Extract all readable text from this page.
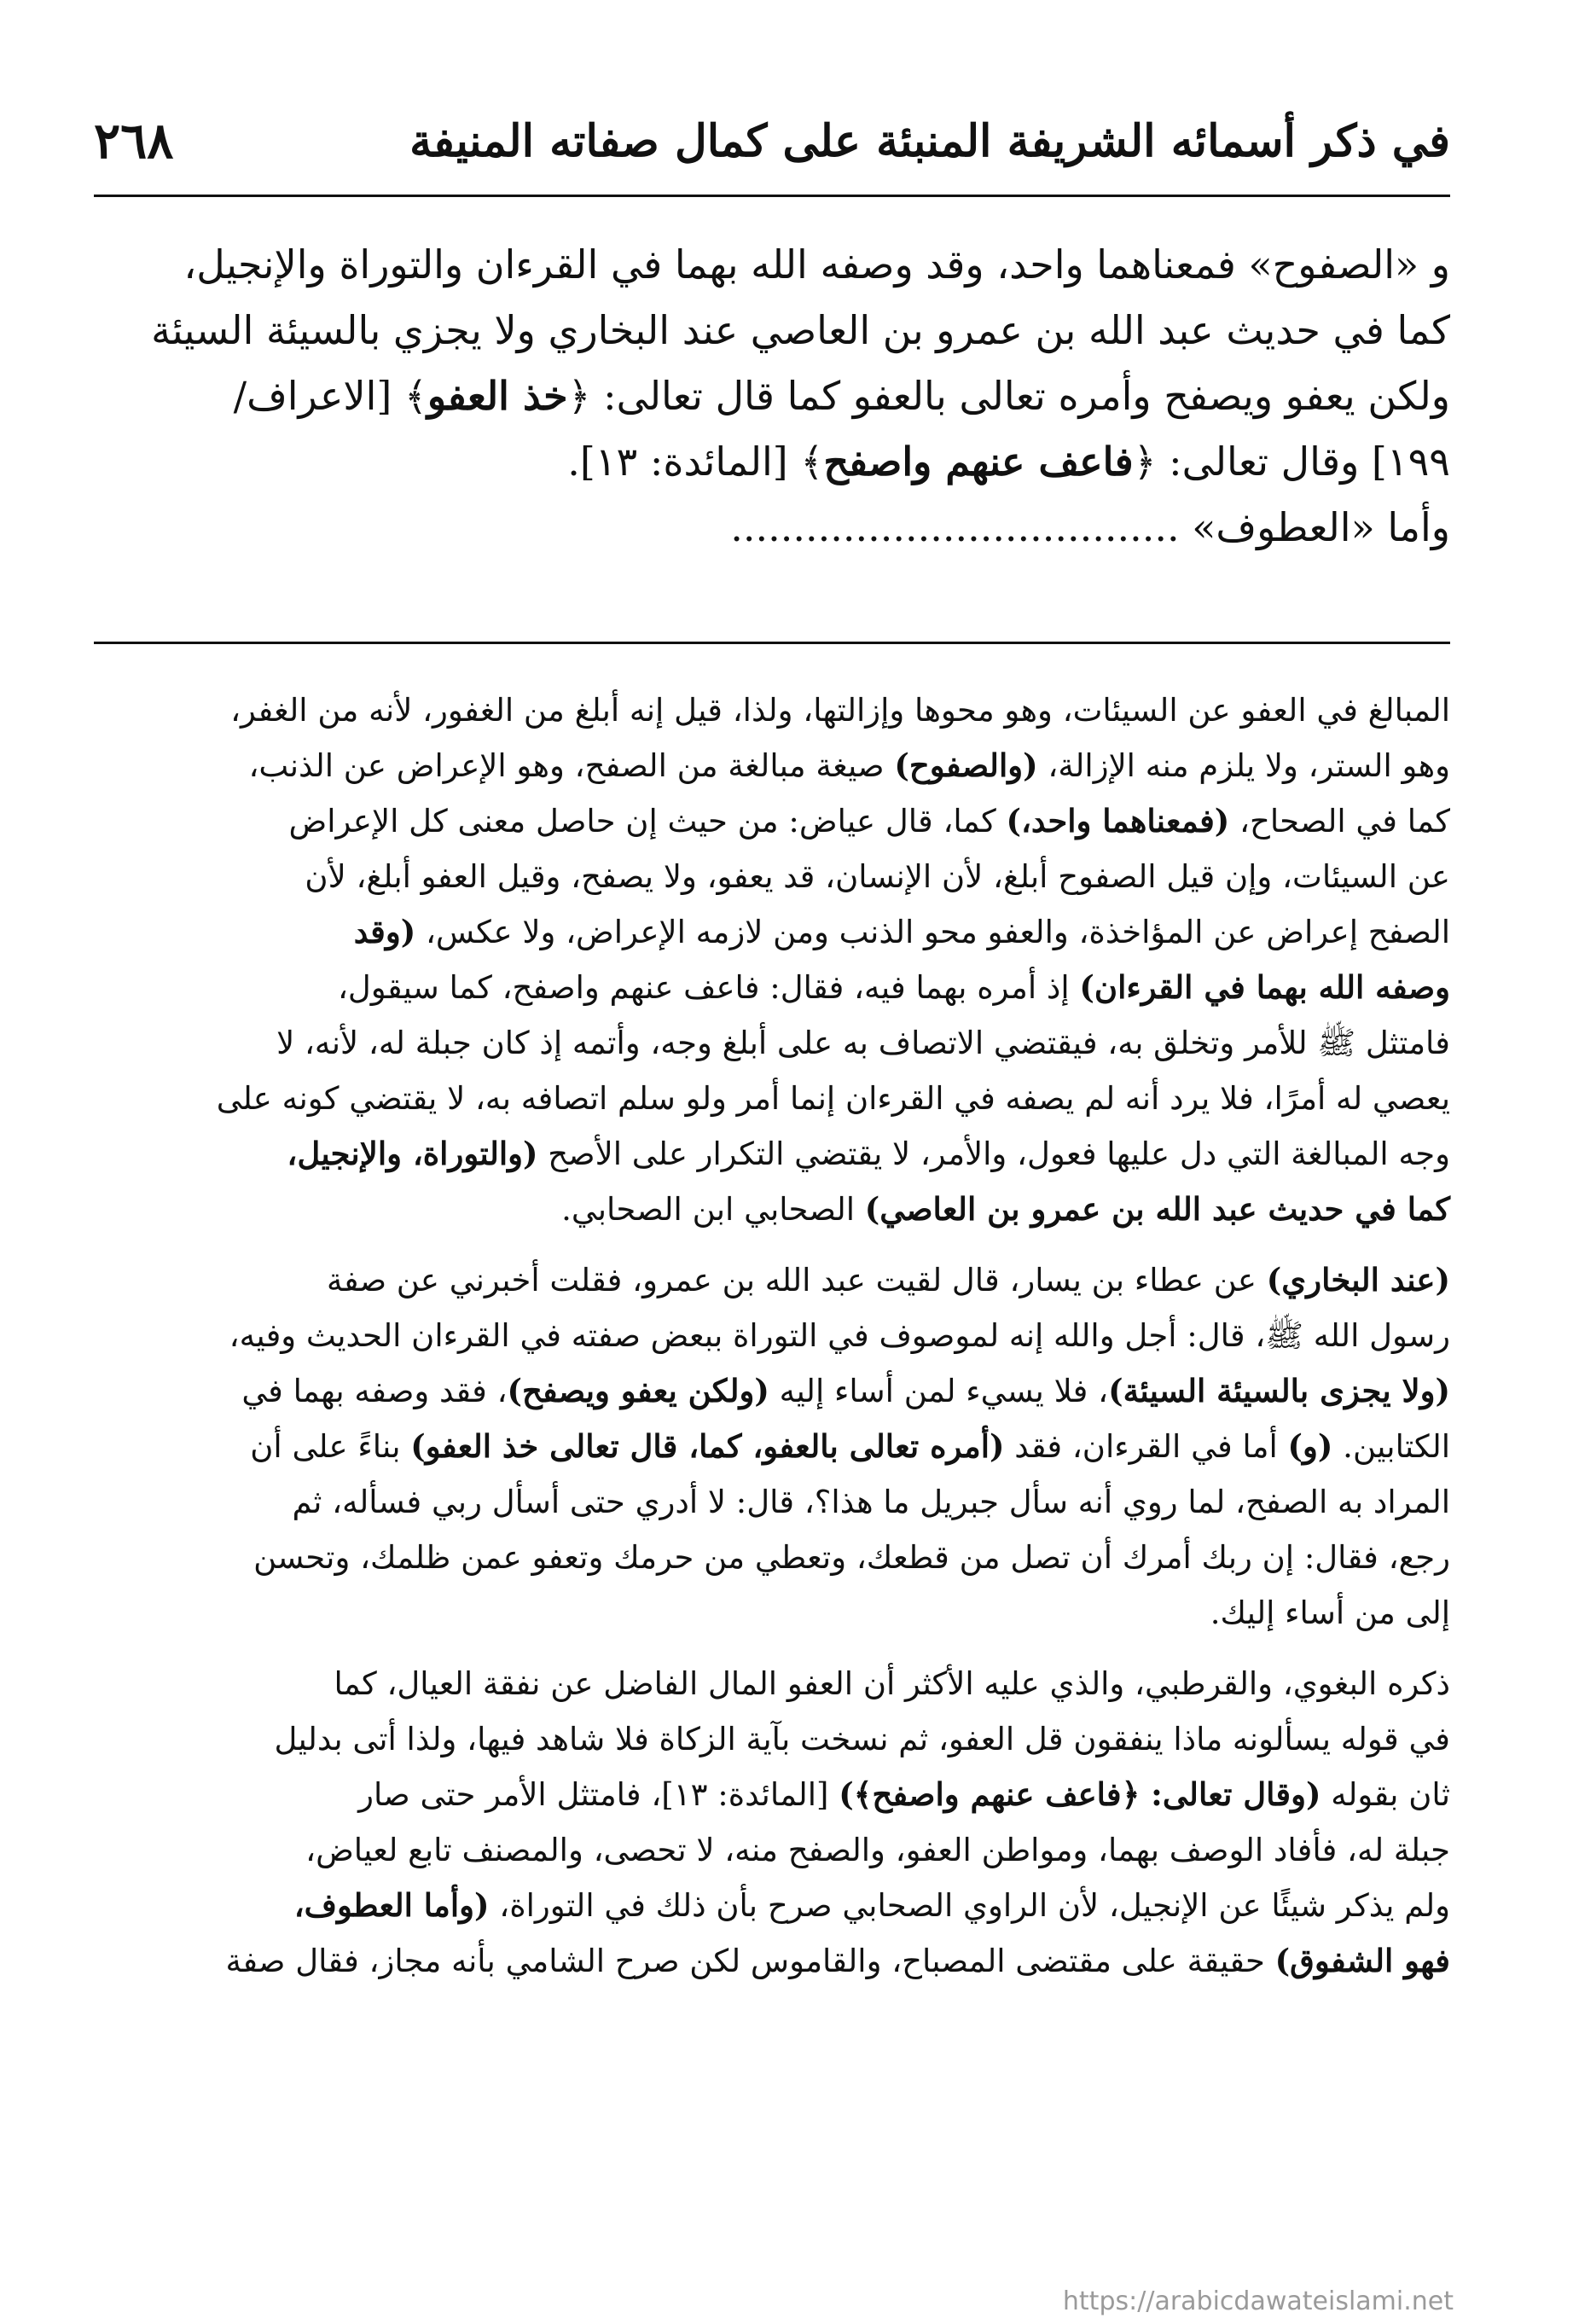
٢٦٨	في ذكر أسمائه الشريفة المنبئة على كمال صفاته المنيفة

و «الصفوح» فمعناهما واحد، وقد وصفه الله بهما في القرءان والتوراة والإنجيل،

كما في حديث عبد الله بن عمرو بن العاصي عند البخاري ولا يجزي بالسيئة السيئة

ولكن يعفو ويصفح وأمره تعالى بالعفو كما قال تعالى: ﴿خذ العفو﴾ [الاعراف/

١٩٩] وقال تعالى: ﴿فاعف عنهم واصفح﴾ [المائدة: ١٣].

وأما «العطوف» ....................................

المبالغ في العفو عن السيئات، وهو محوها وإزالتها، ولذا، قيل إنه أبلغ من الغفور، لأنه من الغفر،

وهو الستر، ولا يلزم منه الإزالة، (والصفوح) صيغة مبالغة من الصفح، وهو الإعراض عن الذنب،

كما في الصحاح، (فمعناهما واحد،) كما، قال عياض: من حيث إن حاصل معنى كل الإعراض

عن السيئات، وإن قيل الصفوح أبلغ، لأن الإنسان، قد يعفو، ولا يصفح، وقيل العفو أبلغ، لأن

الصفح إعراض عن المؤاخذة، والعفو محو الذنب ومن لازمه الإعراض، ولا عكس، (وقد

وصفه الله بهما في القرءان) إذ أمره بهما فيه، فقال: فاعف عنهم واصفح، كما سيقول،

فامتثل ﷺ للأمر وتخلق به، فيقتضي الاتصاف به على أبلغ وجه، وأتمه إذ كان جبلة له، لأنه، لا

يعصي له أمرًا، فلا يرد أنه لم يصفه في القرءان إنما أمر ولو سلم اتصافه به، لا يقتضي كونه على

وجه المبالغة التي دل عليها فعول، والأمر، لا يقتضي التكرار على الأصح (والتوراة، والإنجيل،

كما في حديث عبد الله بن عمرو بن العاصي) الصحابي ابن الصحابي.

(عند البخاري) عن عطاء بن يسار، قال لقيت عبد الله بن عمرو، فقلت أخبرني عن صفة

رسول الله ﷺ، قال: أجل والله إنه لموصوف في التوراة ببعض صفته في القرءان الحديث وفيه،

(ولا يجزى بالسيئة السيئة)، فلا يسيء لمن أساء إليه (ولكن يعفو ويصفح)، فقد وصفه بهما في

الكتابين. (و) أما في القرءان، فقد (أمره تعالى بالعفو، كما، قال تعالى خذ العفو) بناءً على أن

المراد به الصفح، لما روي أنه سأل جبريل ما هذا؟، قال: لا أدري حتى أسأل ربي فسأله، ثم

رجع، فقال: إن ربك أمرك أن تصل من قطعك، وتعطي من حرمك وتعفو عمن ظلمك، وتحسن

إلى من أساء إليك.

ذكره البغوي، والقرطبي، والذي عليه الأكثر أن العفو المال الفاضل عن نفقة العيال، كما

في قوله يسألونه ماذا ينفقون قل العفو، ثم نسخت بآية الزكاة فلا شاهد فيها، ولذا أتى بدليل

ثان بقوله (وقال تعالى: ﴿فاعف عنهم واصفح﴾) [المائدة: ١٣]، فامتثل الأمر حتى صار

جبلة له، فأفاد الوصف بهما، ومواطن العفو، والصفح منه، لا تحصى، والمصنف تابع لعياض،

ولم يذكر شيئًا عن الإنجيل، لأن الراوي الصحابي صرح بأن ذلك في التوراة، (وأما العطوف،

فهو الشفوق) حقيقة على مقتضى المصباح، والقاموس لكن صرح الشامي بأنه مجاز، فقال صفة

https://arabicdawateislami.net
